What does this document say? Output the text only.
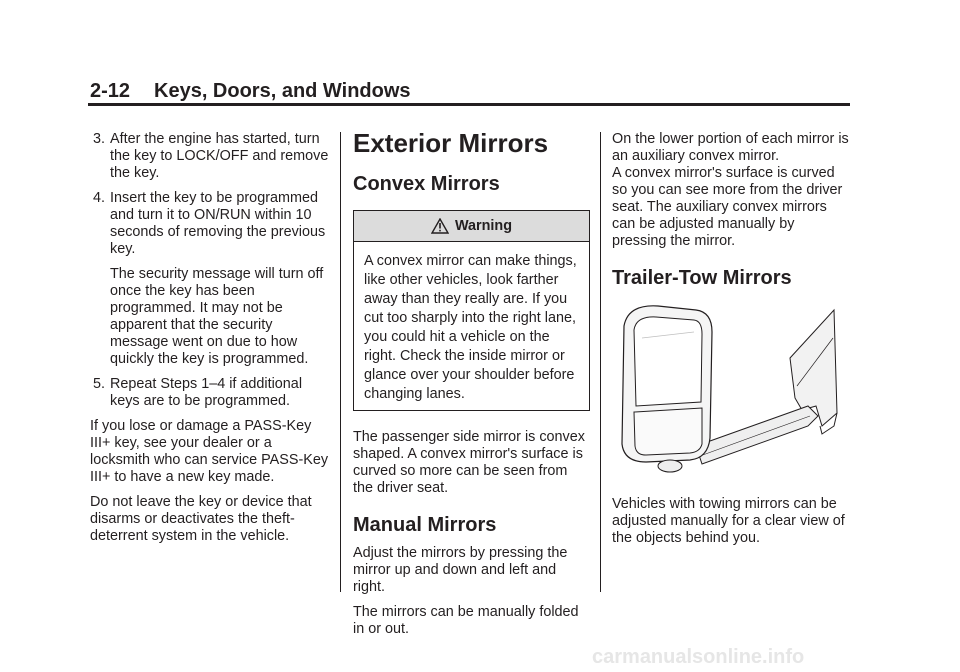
2-12 Keys, Doors, and Windows
3. After the engine has started, turn the key to LOCK/OFF and remove the key.
4. Insert the key to be programmed and turn it to ON/RUN within 10 seconds of removing the previous key.
The security message will turn off once the key has been programmed. It may not be apparent that the security message went on due to how quickly the key is programmed.
5. Repeat Steps 1–4 if additional keys are to be programmed.

If you lose or damage a PASS-Key III+ key, see your dealer or a locksmith who can service PASS-Key III+ to have a new key made.

Do not leave the key or device that disarms or deactivates the theft-deterrent system in the vehicle.

Exterior Mirrors
Convex Mirrors
Warning
A convex mirror can make things, like other vehicles, look farther away than they really are. If you cut too sharply into the right lane, you could hit a vehicle on the right. Check the inside mirror or glance over your shoulder before changing lanes.

The passenger side mirror is convex shaped. A convex mirror's surface is curved so more can be seen from the driver seat.

Manual Mirrors

Adjust the mirrors by pressing the mirror up and down and left and right.

The mirrors can be manually folded in or out.

On the lower portion of each mirror is an auxiliary convex mirror.

A convex mirror's surface is curved so you can see more from the driver seat. The auxiliary convex mirrors can be adjusted manually by pressing the mirror.

Trailer-Tow Mirrors

Vehicles with towing mirrors can be adjusted manually for a clear view of the objects behind you.

carmanualsonline.info
